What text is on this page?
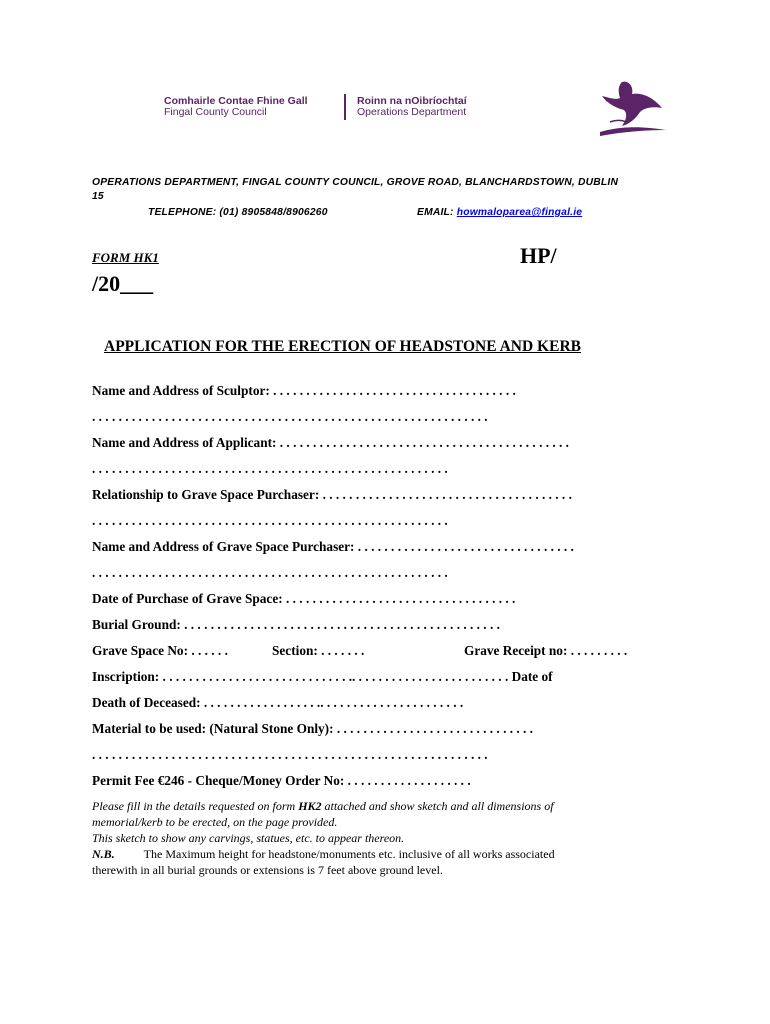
Comhairle Contae Fhine Gall
Fingal County Council
Roinn na nOibríochtaí
Operations Department
OPERATIONS DEPARTMENT, FINGAL COUNTY COUNCIL, GROVE ROAD, BLANCHARDSTOWN, DUBLIN
15
TELEPHONE: (01) 8905848/8906260	EMAIL: howmaloparea@fingal.ie
FORM HK1	HP/
/20___
APPLICATION FOR THE ERECTION OF HEADSTONE AND KERB
Name and Address of Sculptor: . . . . . . . . . . . . . . . . . . . . . . . . . . . . . . . . . . . . .
. . . . . . . . . . . . . . . . . . . . . . . . . . . . . . . . . . . . . . . . . . . . . . . . . . . . . . . . . . . .
Name and Address of Applicant: . . . . . . . . . . . . . . . . . . . . . . . . . . . . . . . . . . . . . . . . . . . .
. . . . . . . . . . . . . . . . . . . . . . . . . . . . . . . . . . . . . . . . . . . . . . . . . . . . . .
Relationship to Grave Space Purchaser: . . . . . . . . . . . . . . . . . . . . . . . . . . . . . . . . . . . . . .
. . . . . . . . . . . . . . . . . . . . . . . . . . . . . . . . . . . . . . . . . . . . . . . . . . . . . .
Name and Address of Grave Space Purchaser: . . . . . . . . . . . . . . . . . . . . . . . . . . . . . . . . .
. . . . . . . . . . . . . . . . . . . . . . . . . . . . . . . . . . . . . . . . . . . . . . . . . . . . . .
Date of Purchase of Grave Space: . . . . . . . . . . . . . . . . . . . . . . . . . . . . . . . . . . .
Burial Ground: . . . . . . . . . . . . . . . . . . . . . . . . . . . . . . . . . . . . . . . . . . . . . . . .
Grave Space No: . . . . . .	Section: . . . . . . .	Grave Receipt no: . . . . . . . . .
Inscription: . . . . . . . . . . . . . . . . . . . . . . . . . . . . .. . . . . . . . . . . . . . . . . . . . . . . . Date of
Death of Deceased: . . . . . . . . . . . . . . . . . .. . . . . . . . . . . . . . . . . . . . . .
Material to be used: (Natural Stone Only): . . . . . . . . . . . . . . . . . . . . . . . . . . . . . .
. . . . . . . . . . . . . . . . . . . . . . . . . . . . . . . . . . . . . . . . . . . . . . . . . . . . . . . . . . . .
Permit Fee €246 - Cheque/Money Order No: . . . . . . . . . . . . . . . . . . .
Please fill in the details requested on form HK2 attached and show sketch and all dimensions of
memorial/kerb to be erected, on the page provided.
This sketch to show any carvings, statues, etc. to appear thereon.
N.B. The Maximum height for headstone/monuments etc. inclusive of all works associated
therewith in all burial grounds or extensions is 7 feet above ground level.
